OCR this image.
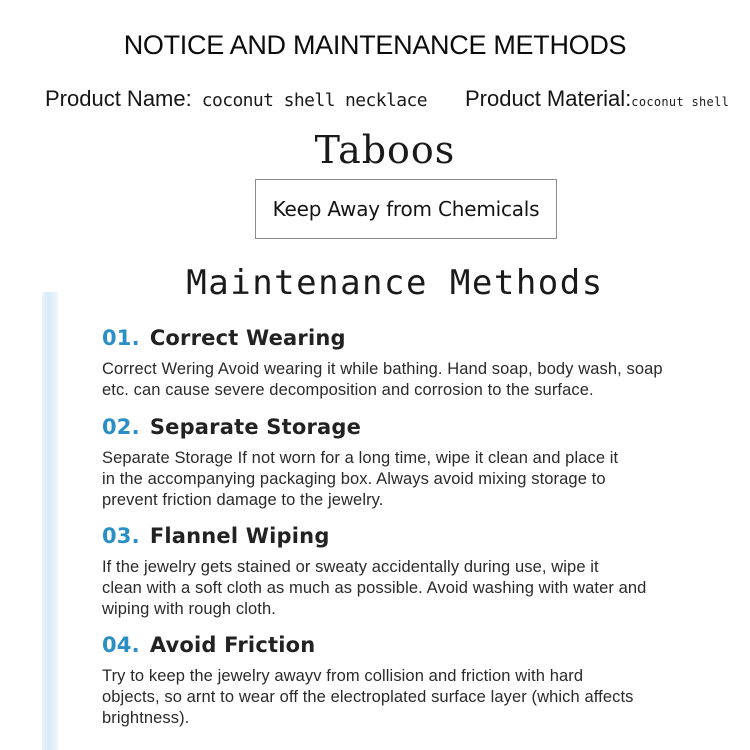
NOTICE AND MAINTENANCE METHODS
Product Name: coconut shell necklace Product Material:coconut shell
Taboos
Keep Away from Chemicals
Maintenance Methods
01. Correct Wearing
Correct Wering Avoid wearing it while bathing. Hand soap, body wash, soap
etc. can cause severe decomposition and corrosion to the surface.
02. Separate Storage
Separate Storage If not worn for a long time, wipe it clean and place it
in the accompanying packaging box. Always avoid mixing storage to
prevent friction damage to the jewelry.
03. Flannel Wiping
If the jewelry gets stained or sweaty accidentally during use, wipe it
clean with a soft cloth as much as possible. Avoid washing with water and
wiping with rough cloth.
04. Avoid Friction
Try to keep the jewelry awayv from collision and friction with hard
objects, so arnt to wear off the electroplated surface layer (which affects
brightness).
